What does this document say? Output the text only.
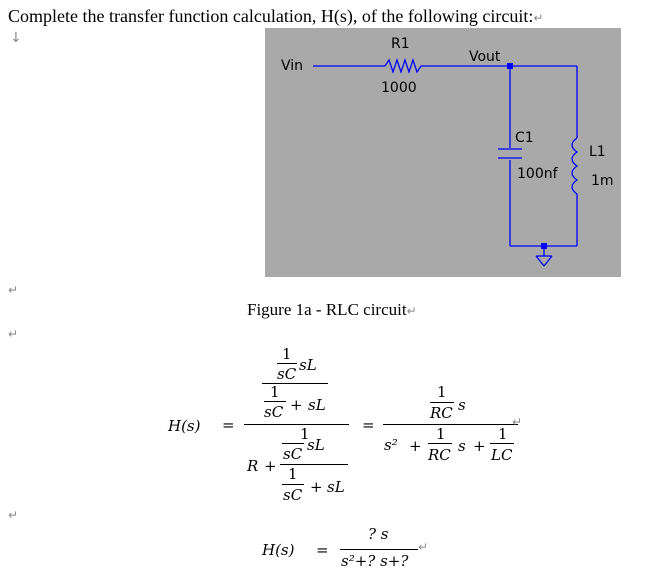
Complete the transfer function calculation, H(s), of the following circuit:↵
↓
Vin
R1
1000
Vout
C1
100nf
L1
1m
↵
↵
↵
Figure 1a - RLC circuit↵
H(s) =
1
sC sL
1
sC + sL
1
sC sL
R + 1
sC + sL
=
1
RC s
↵
s² +
1
RC s +
1
LC
H(s) =
? s
↵
s²+? s+?
